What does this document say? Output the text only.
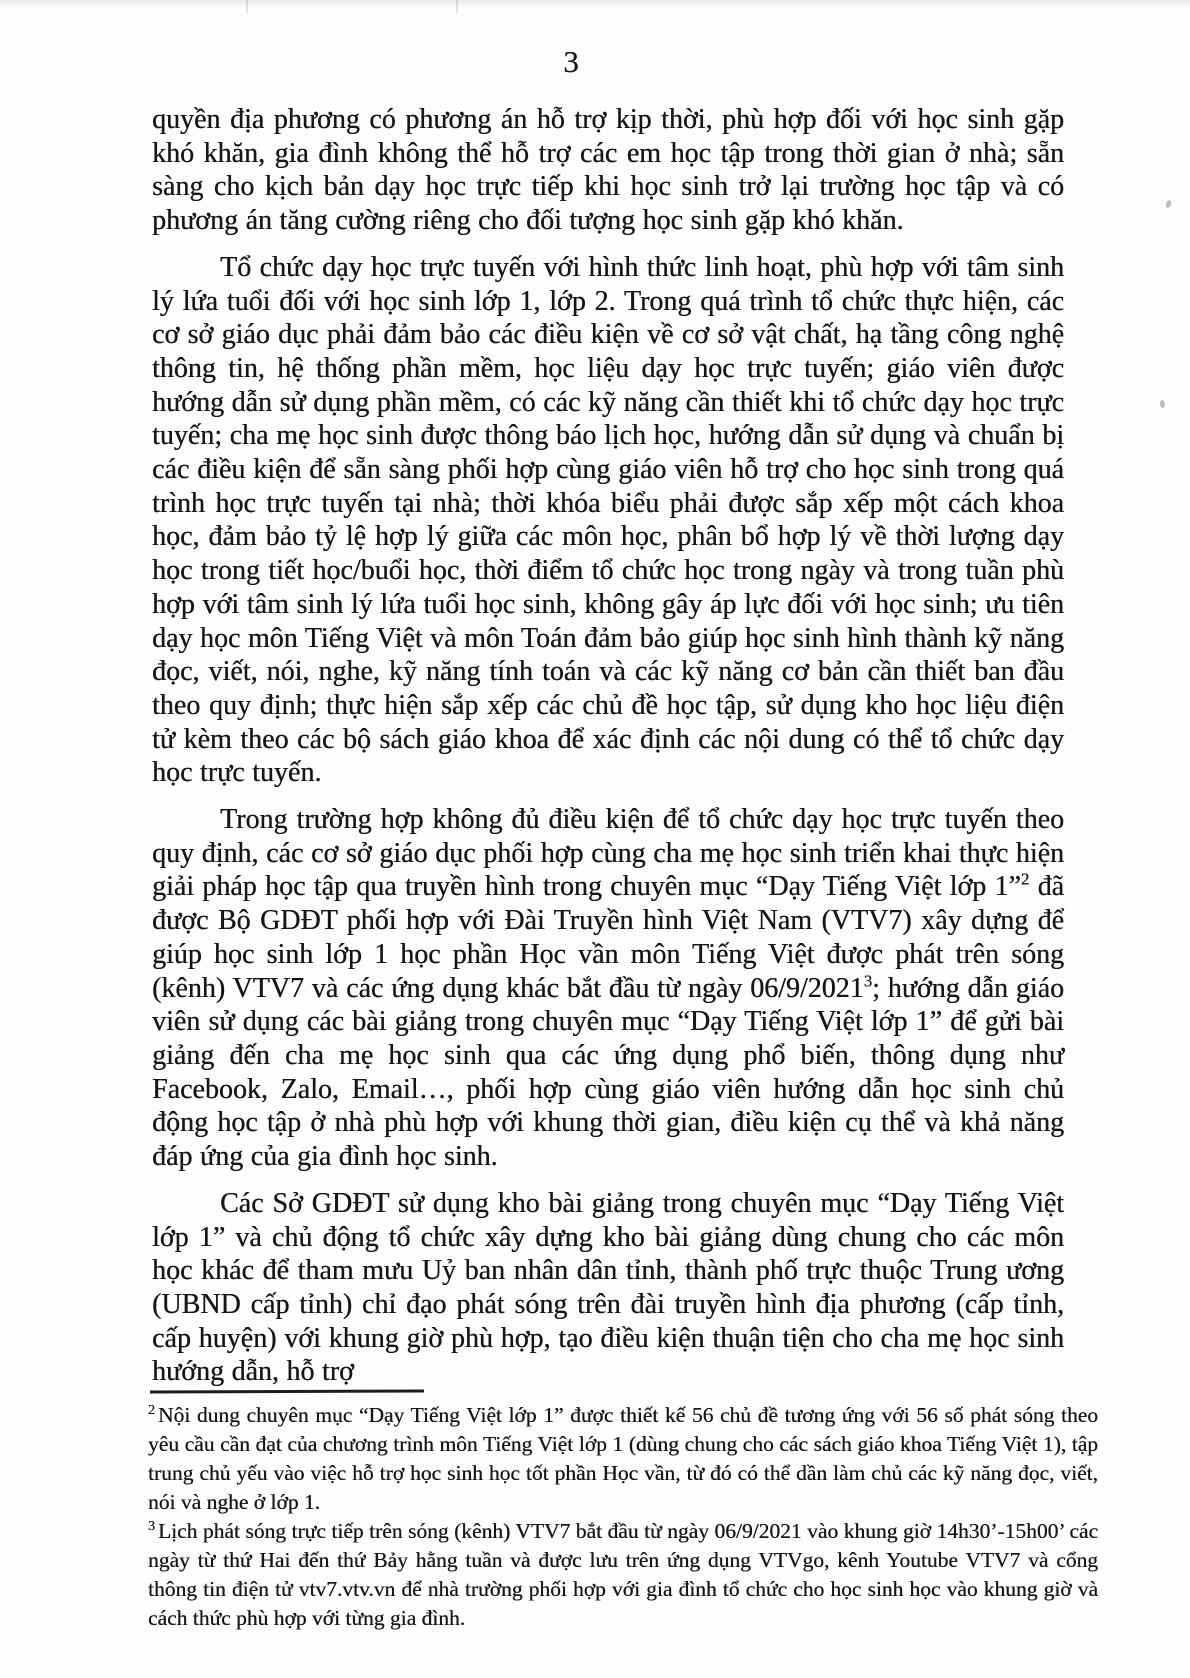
3

quyền địa phương có phương án hỗ trợ kịp thời, phù hợp đối với học sinh gặp khó khăn, gia đình không thể hỗ trợ các em học tập trong thời gian ở nhà; sẵn sàng cho kịch bản dạy học trực tiếp khi học sinh trở lại trường học tập và có phương án tăng cường riêng cho đối tượng học sinh gặp khó khăn.

Tổ chức dạy học trực tuyến với hình thức linh hoạt, phù hợp với tâm sinh lý lứa tuổi đối với học sinh lớp 1, lớp 2. Trong quá trình tổ chức thực hiện, các cơ sở giáo dục phải đảm bảo các điều kiện về cơ sở vật chất, hạ tầng công nghệ thông tin, hệ thống phần mềm, học liệu dạy học trực tuyến; giáo viên được hướng dẫn sử dụng phần mềm, có các kỹ năng cần thiết khi tổ chức dạy học trực tuyến; cha mẹ học sinh được thông báo lịch học, hướng dẫn sử dụng và chuẩn bị các điều kiện để sẵn sàng phối hợp cùng giáo viên hỗ trợ cho học sinh trong quá trình học trực tuyến tại nhà; thời khóa biểu phải được sắp xếp một cách khoa học, đảm bảo tỷ lệ hợp lý giữa các môn học, phân bổ hợp lý về thời lượng dạy học trong tiết học/buổi học, thời điểm tổ chức học trong ngày và trong tuần phù hợp với tâm sinh lý lứa tuổi học sinh, không gây áp lực đối với học sinh; ưu tiên dạy học môn Tiếng Việt và môn Toán đảm bảo giúp học sinh hình thành kỹ năng đọc, viết, nói, nghe, kỹ năng tính toán và các kỹ năng cơ bản cần thiết ban đầu theo quy định; thực hiện sắp xếp các chủ đề học tập, sử dụng kho học liệu điện tử kèm theo các bộ sách giáo khoa để xác định các nội dung có thể tổ chức dạy học trực tuyến.

Trong trường hợp không đủ điều kiện để tổ chức dạy học trực tuyến theo quy định, các cơ sở giáo dục phối hợp cùng cha mẹ học sinh triển khai thực hiện giải pháp học tập qua truyền hình trong chuyên mục “Dạy Tiếng Việt lớp 1”$^2$ đã được Bộ GDĐT phối hợp với Đài Truyền hình Việt Nam (VTV7) xây dựng để giúp học sinh lớp 1 học phần Học vần môn Tiếng Việt được phát trên sóng (kênh) VTV7 và các ứng dụng khác bắt đầu từ ngày 06/9/2021$^3$; hướng dẫn giáo viên sử dụng các bài giảng trong chuyên mục “Dạy Tiếng Việt lớp 1” để gửi bài giảng đến cha mẹ học sinh qua các ứng dụng phổ biến, thông dụng như Facebook, Zalo, Email…, phối hợp cùng giáo viên hướng dẫn học sinh chủ động học tập ở nhà phù hợp với khung thời gian, điều kiện cụ thể và khả năng đáp ứng của gia đình học sinh.

Các Sở GDĐT sử dụng kho bài giảng trong chuyên mục “Dạy Tiếng Việt lớp 1” và chủ động tổ chức xây dựng kho bài giảng dùng chung cho các môn học khác để tham mưu Uỷ ban nhân dân tỉnh, thành phố trực thuộc Trung ương (UBND cấp tỉnh) chỉ đạo phát sóng trên đài truyền hình địa phương (cấp tỉnh, cấp huyện) với khung giờ phù hợp, tạo điều kiện thuận tiện cho cha mẹ học sinh hướng dẫn, hỗ trợ

$^2$ Nội dung chuyên mục “Dạy Tiếng Việt lớp 1” được thiết kế 56 chủ đề tương ứng với 56 số phát sóng theo yêu cầu cần đạt của chương trình môn Tiếng Việt lớp 1 (dùng chung cho các sách giáo khoa Tiếng Việt 1), tập trung chủ yếu vào việc hỗ trợ học sinh học tốt phần Học vần, từ đó có thể dần làm chủ các kỹ năng đọc, viết, nói và nghe ở lớp 1.

$^3$ Lịch phát sóng trực tiếp trên sóng (kênh) VTV7 bắt đầu từ ngày 06/9/2021 vào khung giờ 14h30’-15h00’ các ngày từ thứ Hai đến thứ Bảy hằng tuần và được lưu trên ứng dụng VTVgo, kênh Youtube VTV7 và cổng thông tin điện tử vtv7.vtv.vn để nhà trường phối hợp với gia đình tổ chức cho học sinh học vào khung giờ và cách thức phù hợp với từng gia đình.
